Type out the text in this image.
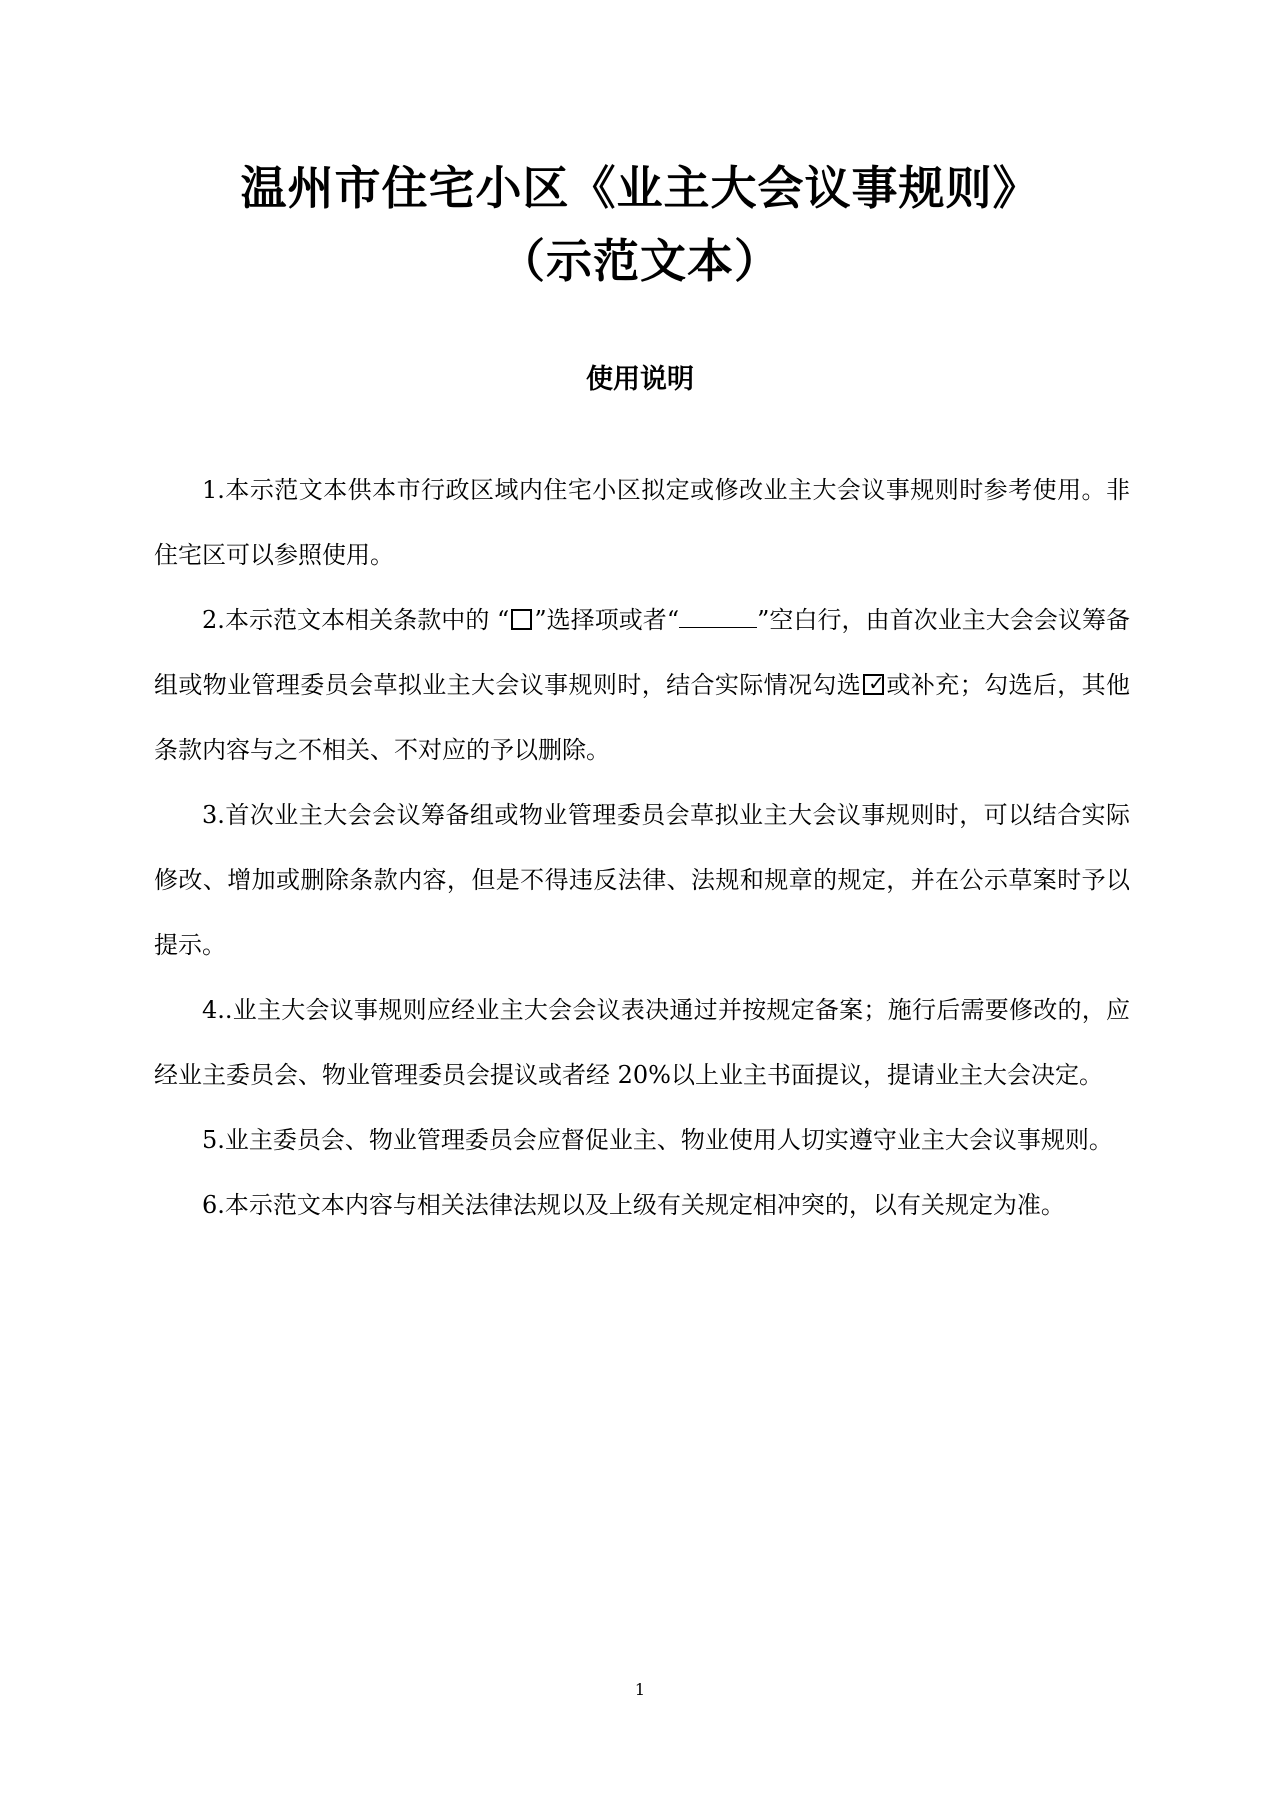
温州市住宅小区《业主大会议事规则》
（示范文本）
使用说明

1.本示范文本供本市行政区域内住宅小区拟定或修改业主大会议事规则时参考使用。非住宅区可以参照使用。

2.本示范文本相关条款中的 “ ”选择项或者“	”空白行，由首次业主大会会议筹备组或物业管理委员会草拟业主大会议事规则时，结合实际情况勾选 ✓ 或补充；勾选后，其他条款内容与之不相关、不对应的予以删除。

3.首次业主大会会议筹备组或物业管理委员会草拟业主大会议事规则时，可以结合实际修改、增加或删除条款内容，但是不得违反法律、法规和规章的规定，并在公示草案时予以提示。

4..业主大会议事规则应经业主大会会议表决通过并按规定备案；施行后需要修改的，应经业主委员会、物业管理委员会提议或者经 20%以上业主书面提议，提请业主大会决定。

5.业主委员会、物业管理委员会应督促业主、物业使用人切实遵守业主大会议事规则。

6.本示范文本内容与相关法律法规以及上级有关规定相冲突的，以有关规定为准。

1
